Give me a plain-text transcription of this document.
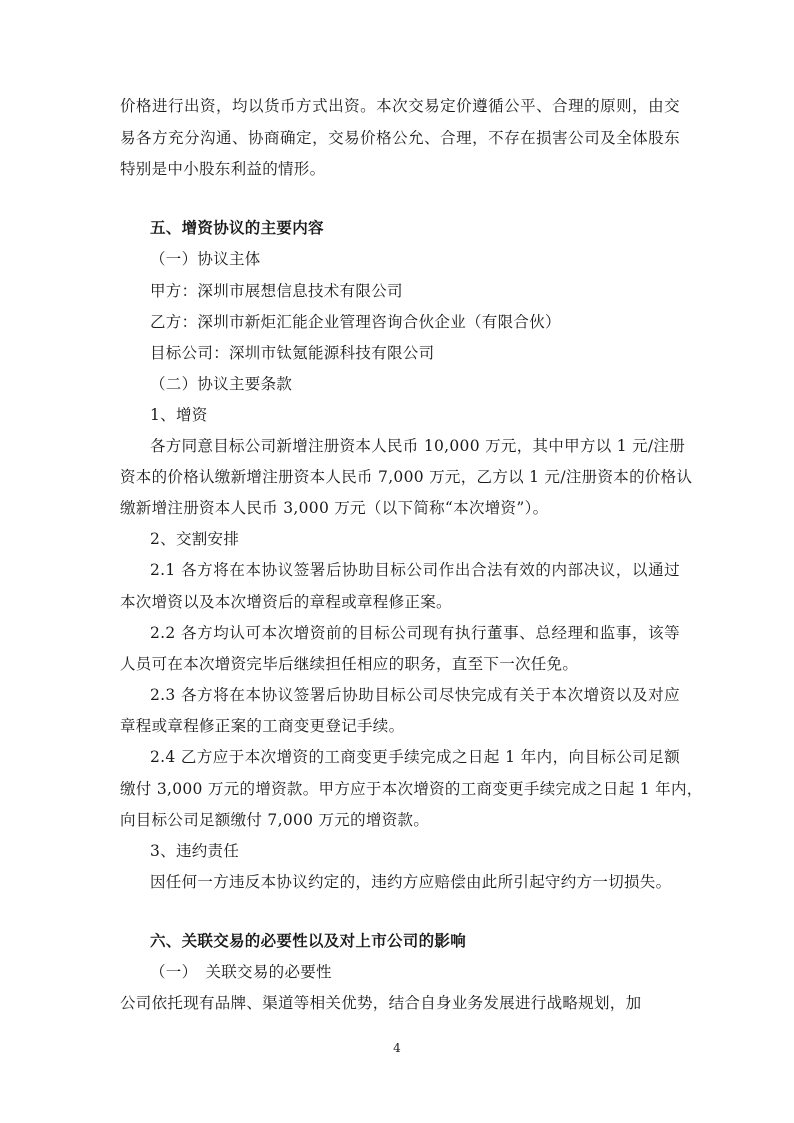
价格进行出资，均以货币方式出资。本次交易定价遵循公平、合理的原则，由交
易各方充分沟通、协商确定，交易价格公允、合理，不存在损害公司及全体股东
特别是中小股东利益的情形。
五、增资协议的主要内容
（一）协议主体
甲方：深圳市展想信息技术有限公司
乙方：深圳市新炬汇能企业管理咨询合伙企业（有限合伙）
目标公司：深圳市钛氪能源科技有限公司
（二）协议主要条款
1、增资
各方同意目标公司新增注册资本人民币 10,000 万元，其中甲方以 1 元/注册
资本的价格认缴新增注册资本人民币 7,000 万元，乙方以 1 元/注册资本的价格认
缴新增注册资本人民币 3,000 万元（以下简称“本次增资”）。
2、交割安排
2.1 各方将在本协议签署后协助目标公司作出合法有效的内部决议，以通过
本次增资以及本次增资后的章程或章程修正案。
2.2 各方均认可本次增资前的目标公司现有执行董事、总经理和监事，该等
人员可在本次增资完毕后继续担任相应的职务，直至下一次任免。
2.3 各方将在本协议签署后协助目标公司尽快完成有关于本次增资以及对应
章程或章程修正案的工商变更登记手续。
2.4 乙方应于本次增资的工商变更手续完成之日起 1 年内，向目标公司足额
缴付 3,000 万元的增资款。甲方应于本次增资的工商变更手续完成之日起 1 年内，
向目标公司足额缴付 7,000 万元的增资款。
3、违约责任
因任何一方违反本协议约定的，违约方应赔偿由此所引起守约方一切损失。
六、关联交易的必要性以及对上市公司的影响
（一）　关联交易的必要性
公司依托现有品牌、渠道等相关优势，结合自身业务发展进行战略规划，加
4
